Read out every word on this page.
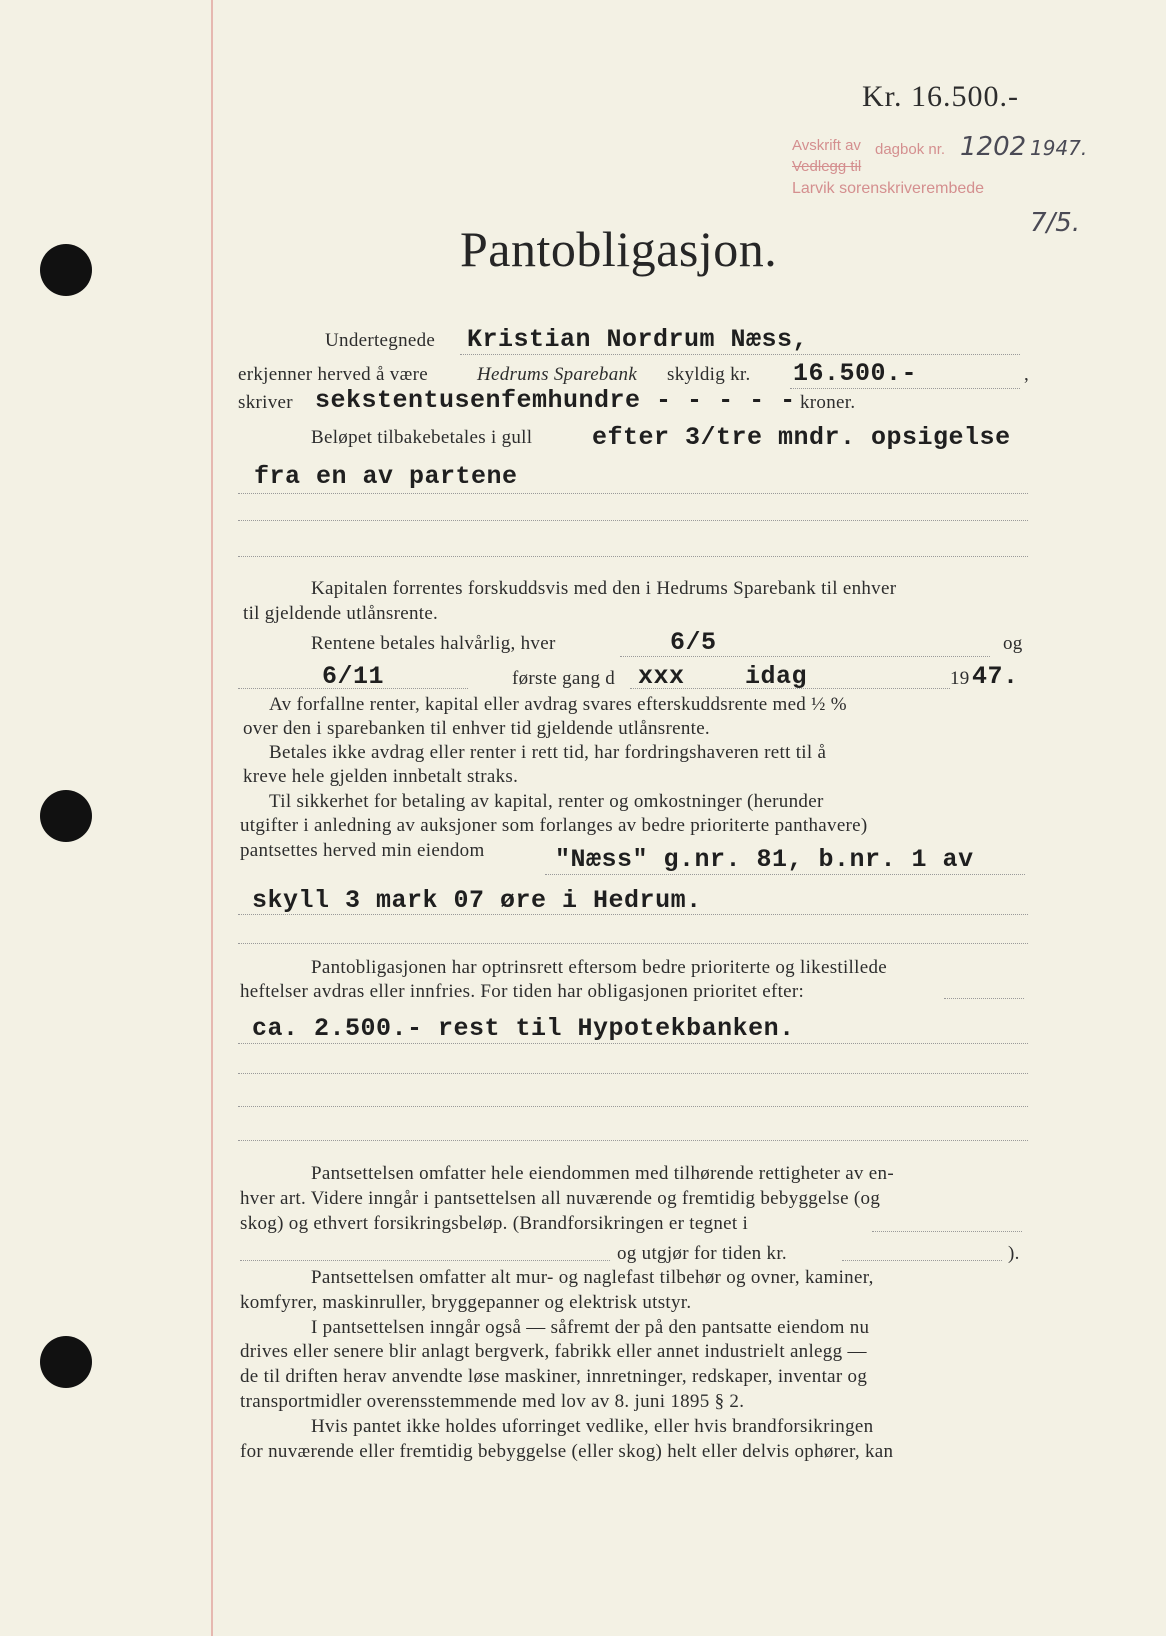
Kr. 16.500.-
Avskrift av dagbok nr. 1202 1947.
Vedlegg til
Larvik sorenskriverembede
7/5.
Pantobligasjon.
Undertegnede Kristian Nordrum Næss,
erkjenner herved å være	Hedrums Sparebank skyldig kr. 16.500.-	,
skriver sekstentusenfemhundre - - - - - kroner.
Beløpet tilbakebetales i gull efter 3/tre mndr. opsigelse
fra en av partene
Kapitalen forrentes forskuddsvis med den i Hedrums Sparebank til enhver
til gjeldende utlånsrente.
Rentene betales halvårlig, hver	6/5	og
6/11	første gang d xxx idag	19 47.
Av forfallne renter, kapital eller avdrag svares efterskuddsrente med ½ %
over den i sparebanken til enhver tid gjeldende utlånsrente.
Betales ikke avdrag eller renter i rett tid, har fordringshaveren rett til å
kreve hele gjelden innbetalt straks.
Til sikkerhet for betaling av kapital, renter og omkostninger (herunder
utgifter i anledning av auksjoner som forlanges av bedre prioriterte panthavere)
pantsettes herved min eiendom	"Næss" g.nr. 81, b.nr. 1 av
skyll 3 mark 07 øre i Hedrum.
Pantobligasjonen har optrinsrett eftersom bedre prioriterte og likestillede
heftelser avdras eller innfries. For tiden har obligasjonen prioritet efter:
ca. 2.500.- rest til Hypotekbanken.
Pantsettelsen omfatter hele eiendommen med tilhørende rettigheter av en-
hver art. Videre inngår i pantsettelsen all nuværende og fremtidig bebyggelse (og
skog) og ethvert forsikringsbeløp. (Brandforsikringen er tegnet i
og utgjør for tiden kr.	).
Pantsettelsen omfatter alt mur- og naglefast tilbehør og ovner, kaminer,
komfyrer, maskinruller, bryggepanner og elektrisk utstyr.
I pantsettelsen inngår også — såfremt der på den pantsatte eiendom nu
drives eller senere blir anlagt bergverk, fabrikk eller annet industrielt anlegg —
de til driften herav anvendte løse maskiner, innretninger, redskaper, inventar og
transportmidler overensstemmende med lov av 8. juni 1895 § 2.
Hvis pantet ikke holdes uforringet vedlike, eller hvis brandforsikringen
for nuværende eller fremtidig bebyggelse (eller skog) helt eller delvis ophører, kan
